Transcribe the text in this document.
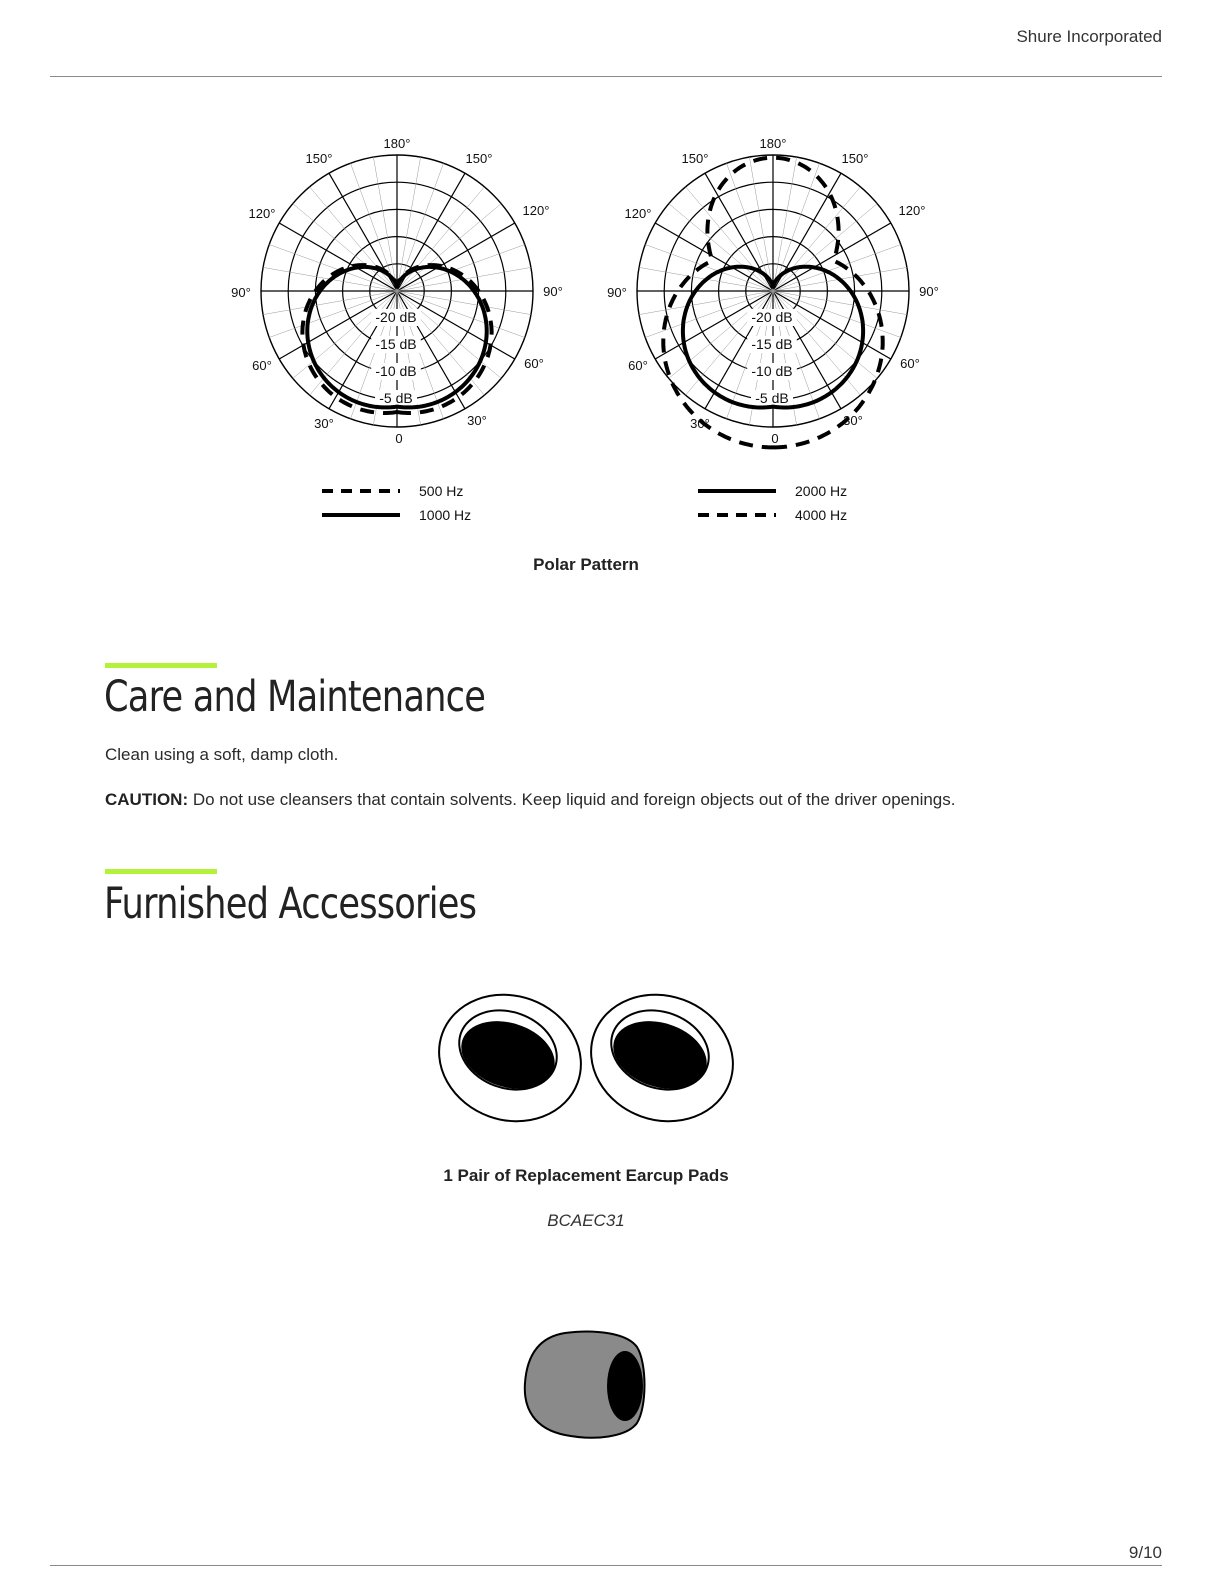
Shure Incorporated
180°
150°	150°
120°	120°
90°	90°
60°	60°
30°	30°
0
-20 dB
-15 dB
-10 dB
-5 dB
500 Hz
1000 Hz
180°
150°	150°
120°	120°
90°	90°
60°	60°
30°	30°
0
-20 dB
-15 dB
-10 dB
-5 dB
2000 Hz
4000 Hz
Polar Pattern
Care and Maintenance

Clean using a soft, damp cloth.

CAUTION: Do not use cleansers that contain solvents. Keep liquid and foreign objects out of the driver openings.

Furnished Accessories
1 Pair of Replacement Earcup Pads
BCAEC31
9/10
